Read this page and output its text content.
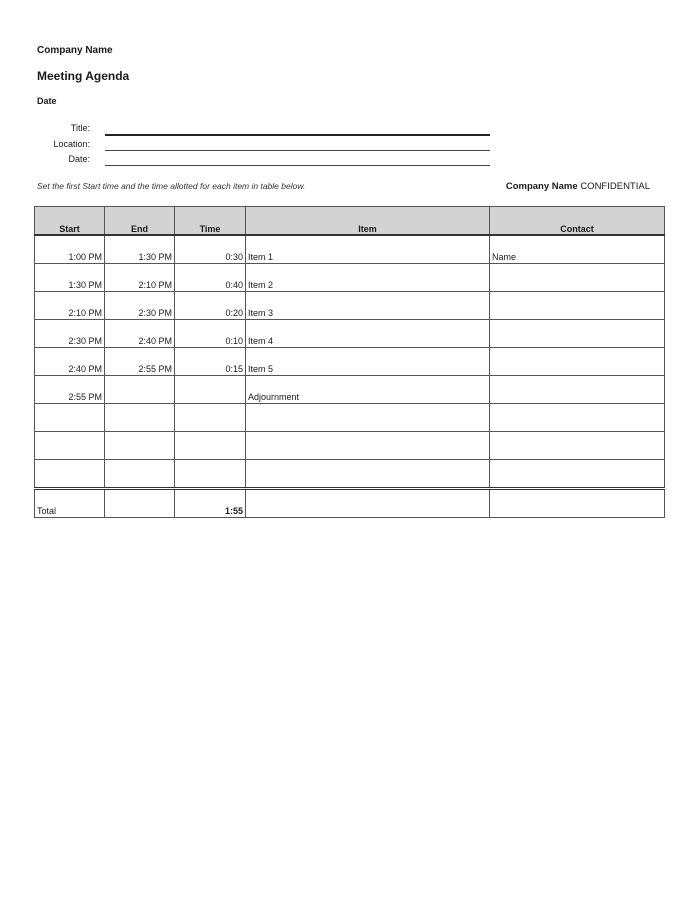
Company Name
Meeting Agenda
Date
Title:
Location:
Date:
Set the first Start time and the time allotted for each item in table below.	Company Name CONFIDENTIAL
Start	End	Time	Item	Contact
1:00 PM	1:30 PM	0:30	Item 1	Name
1:30 PM	2:10 PM	0:40	Item 2	
2:10 PM	2:30 PM	0:20	Item 3	
2:30 PM	2:40 PM	0:10	Item 4	
2:40 PM	2:55 PM	0:15	Item 5	
2:55 PM			Adjournment	

Total		1:55		
